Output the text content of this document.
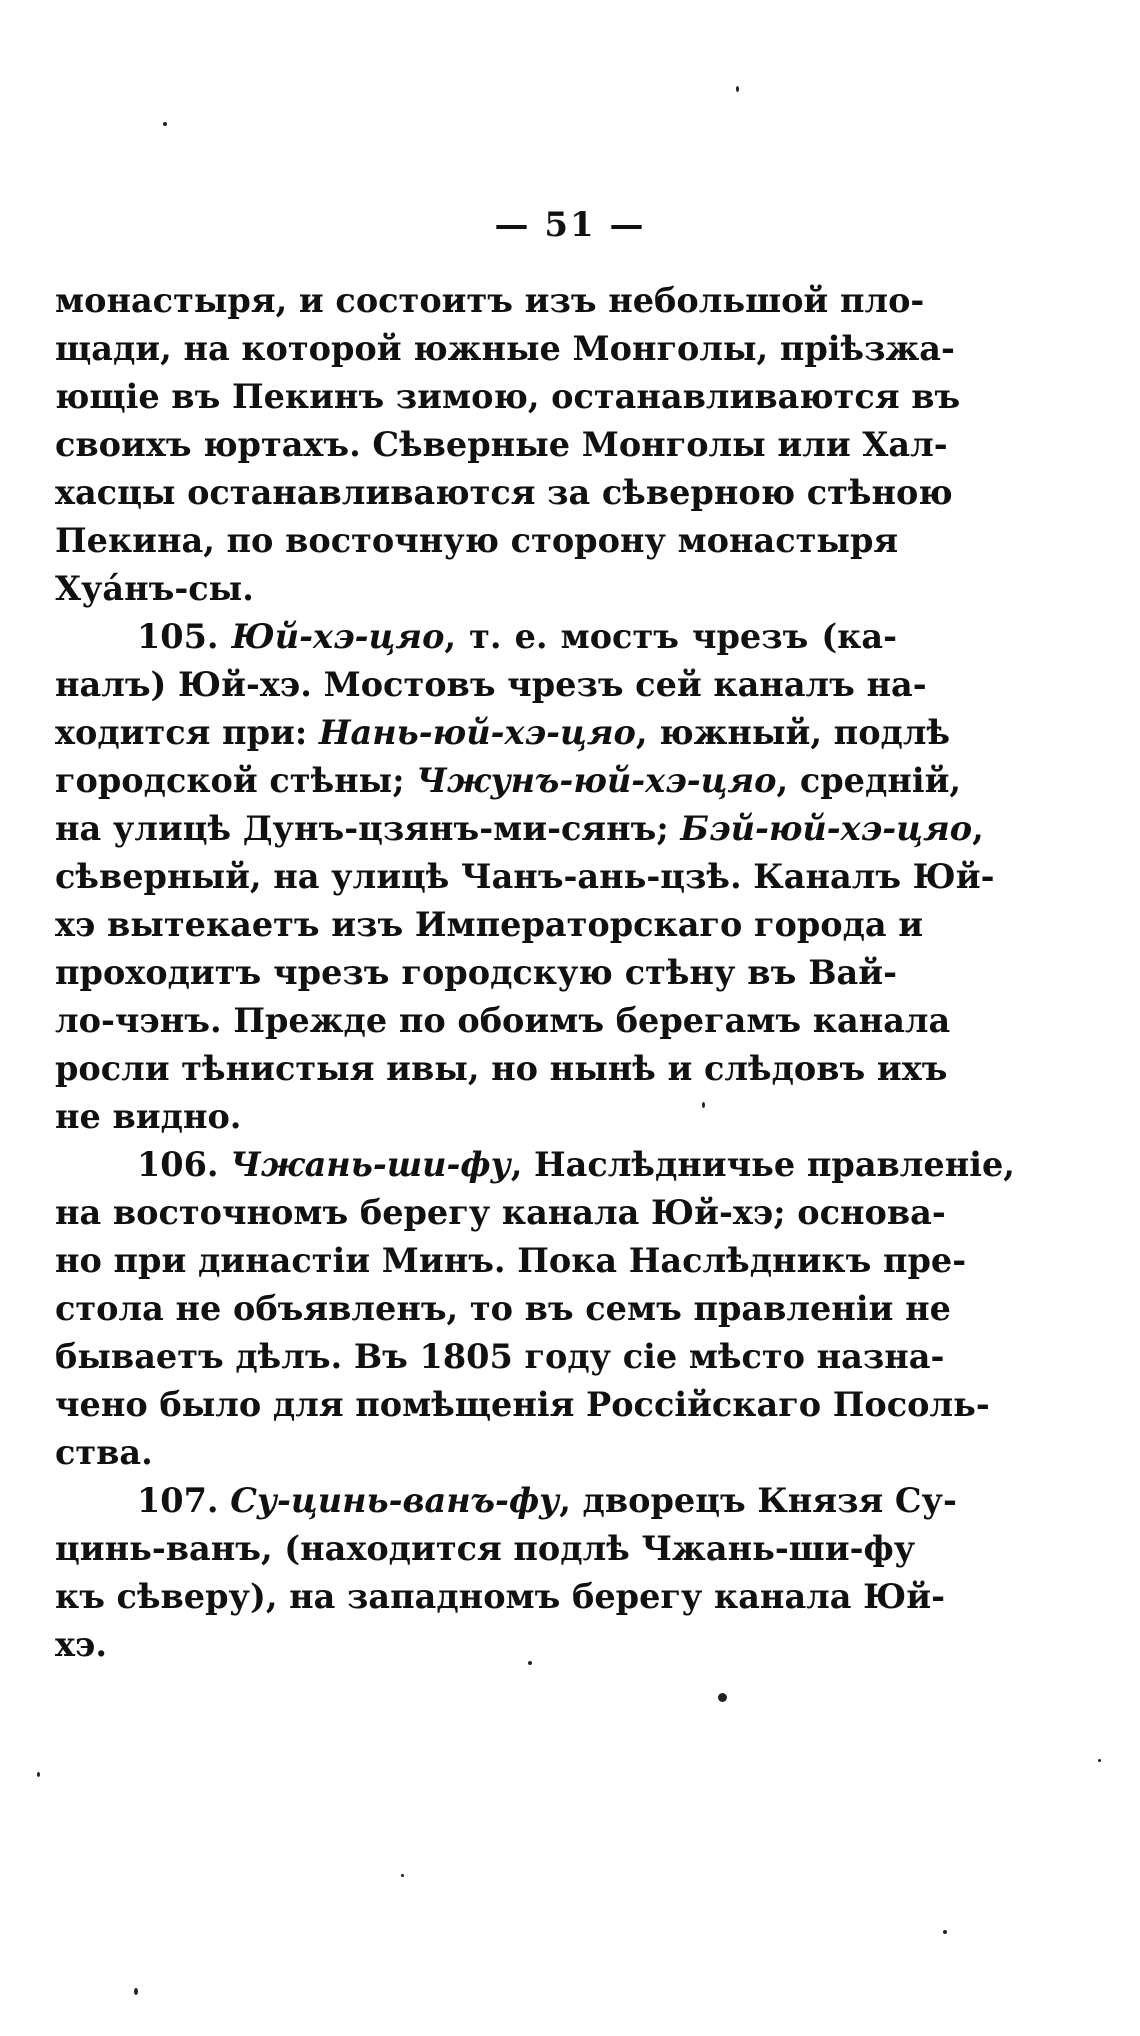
— 51 —
монастыря, и состоитъ изъ небольшой пло-
щади, на которой южные Монголы, прiѣзжа-
ющiе въ Пекинъ зимою, останавливаются въ
своихъ юртахъ. Сѣверные Монголы или Хал-
хасцы останавливаются за сѣверною стѣною
Пекина, по восточную сторону монастыря
Хуа́нъ-сы.
105. Юй-хэ-цяо, т. е. мостъ чрезъ (ка-
налъ) Юй-хэ. Мостовъ чрезъ сей каналъ на-
ходится при: Нань-юй-хэ-цяо, южный, подлѣ
городской стѣны; Чжунъ-юй-хэ-цяо, среднiй,
на улицѣ Дунъ-цзянъ-ми-сянъ; Бэй-юй-хэ-цяо,
сѣверный, на улицѣ Чанъ-ань-цзѣ. Каналъ Юй-
хэ вытекаетъ изъ Императорскаго города и
проходитъ чрезъ городскую стѣну въ Вай-
ло-чэнъ. Прежде по обоимъ берегамъ канала
росли тѣнистыя ивы, но нынѣ и слѣдовъ ихъ
не видно.
106. Чжань-ши-фу, Наслѣдничье правленiе,
на восточномъ берегу канала Юй-хэ; основа-
но при династiи Минъ. Пока Наслѣдникъ пре-
стола не объявленъ, то въ семъ правленiи не
бываетъ дѣлъ. Въ 1805 году сiе мѣсто назна-
чено было для помѣщенiя Россiйскаго Посоль-
ства.
107. Су-цинь-ванъ-фу, дворецъ Князя Су-
цинь-ванъ, (находится подлѣ Чжань-ши-фу
къ сѣверу), на западномъ берегу канала Юй-
хэ.
